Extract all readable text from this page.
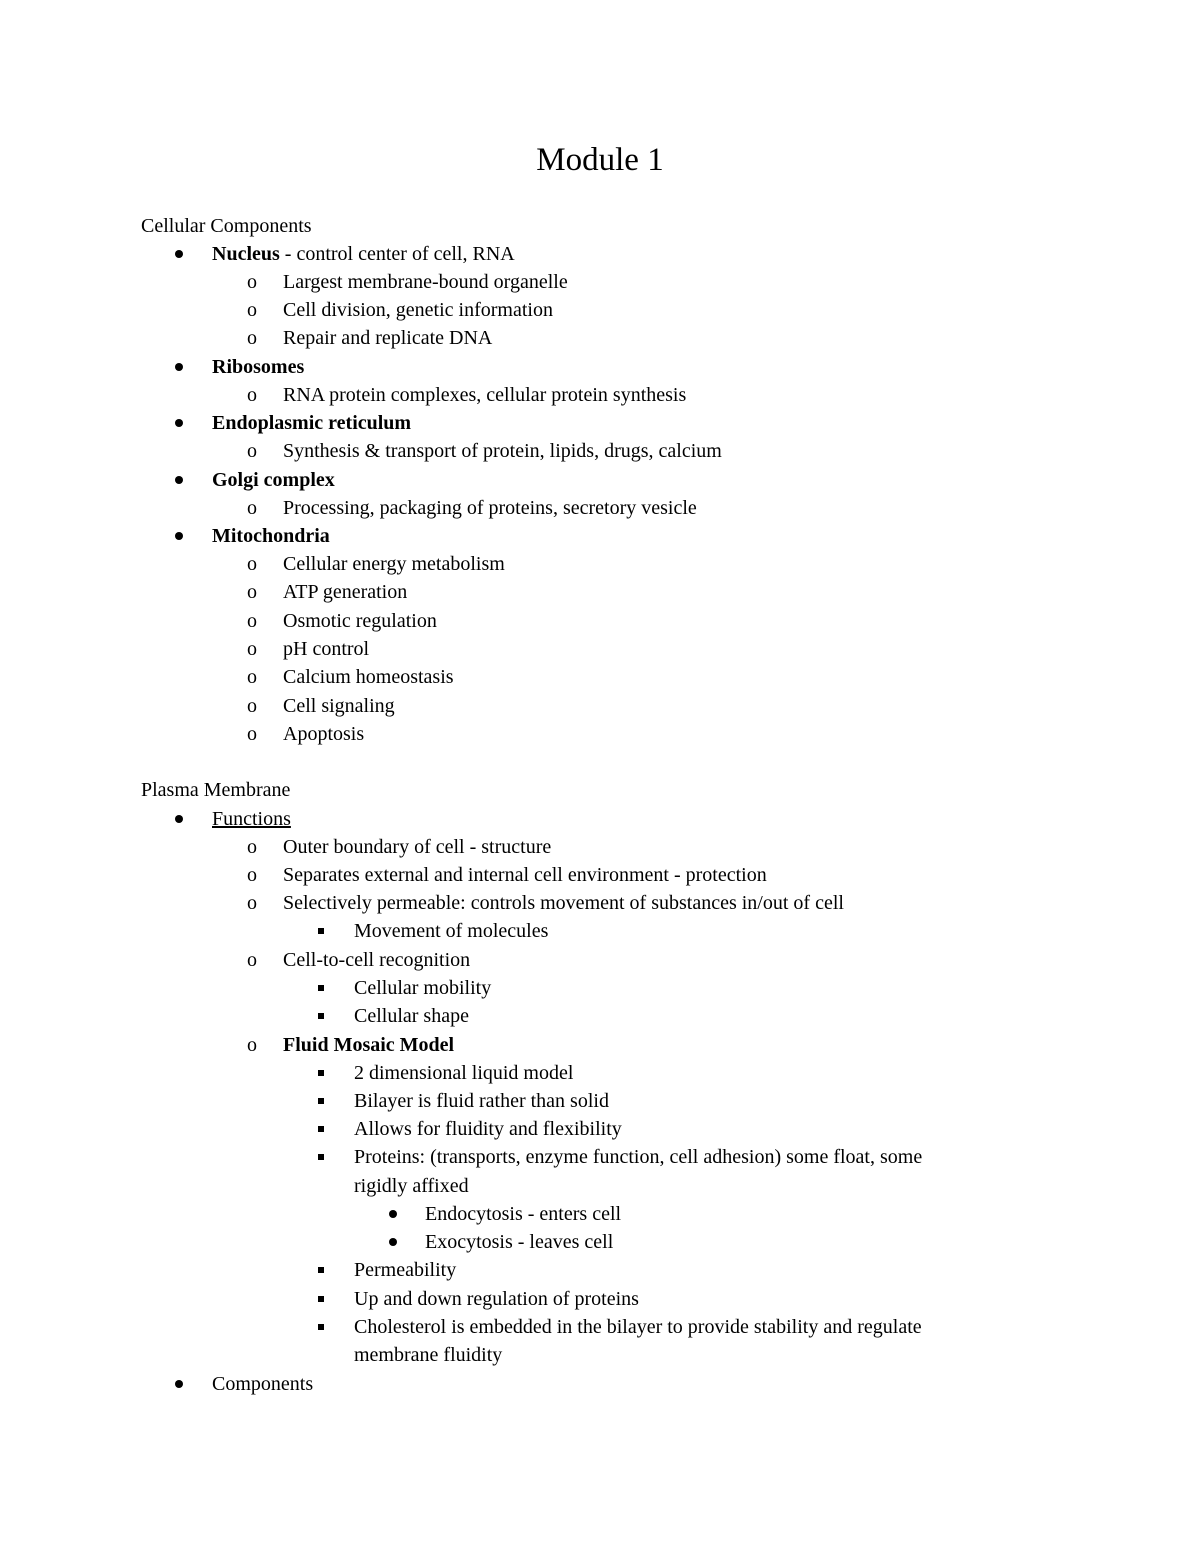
Module 1
Cellular Components
Nucleus - control center of cell, RNA
o Largest membrane-bound organelle
o Cell division, genetic information
o Repair and replicate DNA
Ribosomes
o RNA protein complexes, cellular protein synthesis
Endoplasmic reticulum
o Synthesis & transport of protein, lipids, drugs, calcium
Golgi complex
o Processing, packaging of proteins, secretory vesicle
Mitochondria
o Cellular energy metabolism
o ATP generation
o Osmotic regulation
o pH control
o Calcium homeostasis
o Cell signaling
o Apoptosis
Plasma Membrane
Functions
o Outer boundary of cell - structure
o Separates external and internal cell environment - protection
o Selectively permeable: controls movement of substances in/out of cell
Movement of molecules
o Cell-to-cell recognition
Cellular mobility
Cellular shape
o Fluid Mosaic Model
2 dimensional liquid model
Bilayer is fluid rather than solid
Allows for fluidity and flexibility
Proteins: (transports, enzyme function, cell adhesion) some float, some
rigidly affixed
Endocytosis - enters cell
Exocytosis - leaves cell
Permeability
Up and down regulation of proteins
Cholesterol is embedded in the bilayer to provide stability and regulate
membrane fluidity
Components
